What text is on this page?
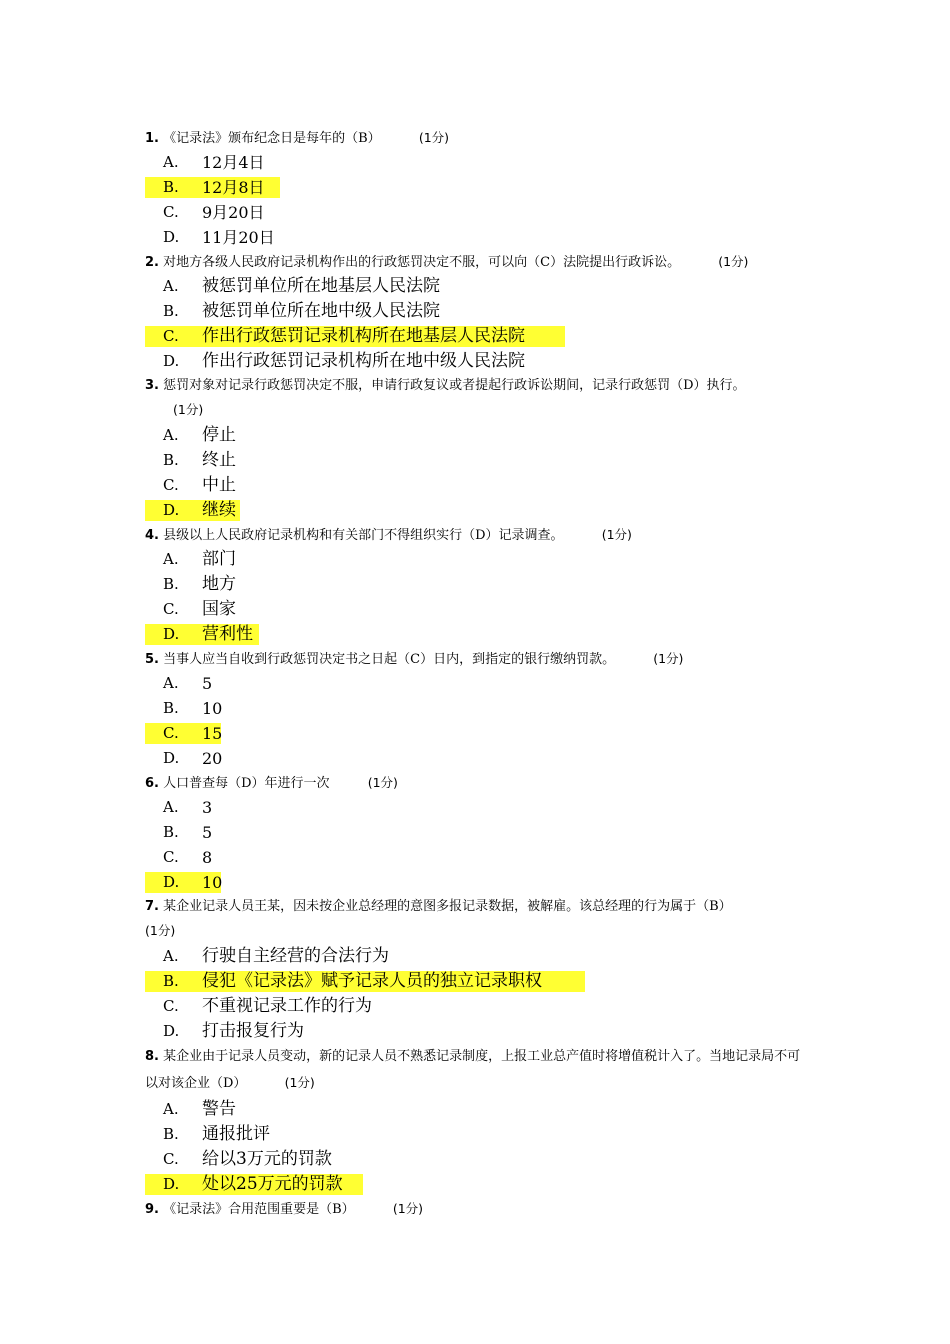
1. 《记录法》颁布纪念日是每年的（B）	(1分)
A. 12月4日
B. 12月8日
C. 9月20日
D. 11月20日
2. 对地方各级人民政府记录机构作出的行政惩罚决定不服，可以向（C）法院提出行政诉讼。	(1分)
A. 被惩罚单位所在地基层人民法院
B. 被惩罚单位所在地中级人民法院
C. 作出行政惩罚记录机构所在地基层人民法院
D. 作出行政惩罚记录机构所在地中级人民法院
3. 惩罚对象对记录行政惩罚决定不服，申请行政复议或者提起行政诉讼期间，记录行政惩罚（D）执行。
(1分)
A. 停止
B. 终止
C. 中止
D. 继续
4. 县级以上人民政府记录机构和有关部门不得组织实行（D）记录调查。	(1分)
A. 部门
B. 地方
C. 国家
D. 营利性
5. 当事人应当自收到行政惩罚决定书之日起（C）日内，到指定的银行缴纳罚款。	(1分)
A. 5
B. 10
C. 15
D. 20
6. 人口普查每（D）年进行一次	(1分)
A. 3
B. 5
C. 8
D. 10
7. 某企业记录人员王某，因未按企业总经理的意图多报记录数据，被解雇。该总经理的行为属于（B）
(1分)
A. 行驶自主经营的合法行为
B. 侵犯《记录法》赋予记录人员的独立记录职权
C. 不重视记录工作的行为
D. 打击报复行为
8. 某企业由于记录人员变动，新的记录人员不熟悉记录制度，上报工业总产值时将增值税计入了。当地记录局不可以对该企业（D）	(1分)
A. 警告
B. 通报批评
C. 给以3万元的罚款
D. 处以25万元的罚款
9. 《记录法》合用范围重要是（B）	(1分)
